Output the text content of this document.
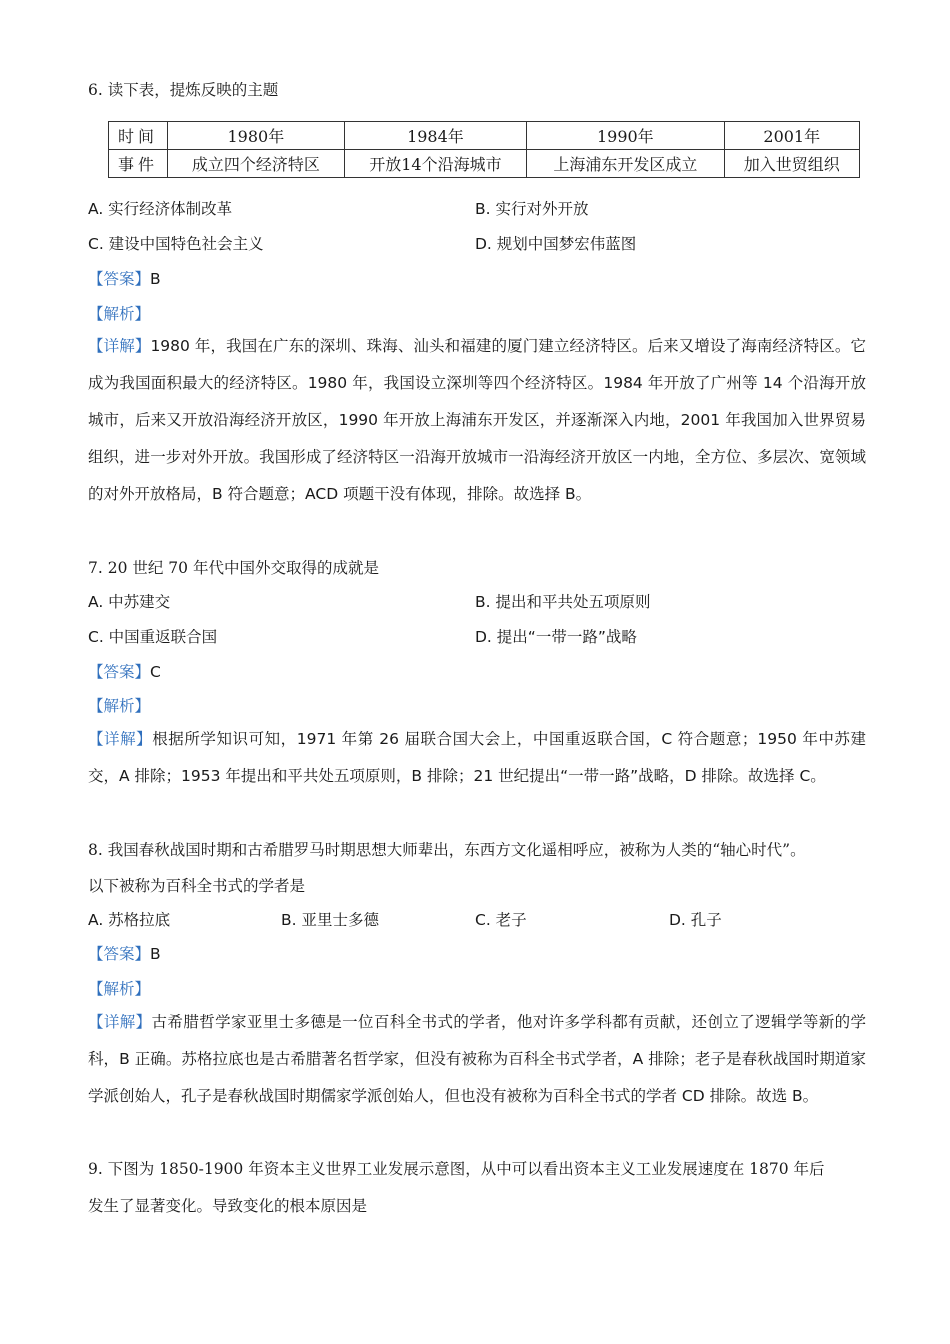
6. 读下表，提炼反映的主题
时间	1980年	1984年	1990年	2001年
事件	成立四个经济特区	开放14个沿海城市	上海浦东开发区成立	加入世贸组织
A. 实行经济体制改革	B. 实行对外开放
C. 建设中国特色社会主义	D. 规划中国梦宏伟蓝图
【答案】B
【解析】
【详解】1980 年，我国在广东的深圳、珠海、汕头和福建的厦门建立经济特区。后来又增设了海南经济特区。它成为我国面积最大的经济特区。1980 年，我国设立深圳等四个经济特区。1984 年开放了广州等 14 个沿海开放城市，后来又开放沿海经济开放区，1990 年开放上海浦东开发区，并逐渐深入内地，2001 年我国加入世界贸易组织，进一步对外开放。我国形成了经济特区一沿海开放城市一沿海经济开放区一内地，全方位、多层次、宽领域的对外开放格局，B 符合题意；ACD 项题干没有体现，排除。故选择 B。
7. 20 世纪 70 年代中国外交取得的成就是
A. 中苏建交	B. 提出和平共处五项原则
C. 中国重返联合国	D. 提出“一带一路”战略
【答案】C
【解析】
【详解】根据所学知识可知，1971 年第 26 届联合国大会上，中国重返联合国，C 符合题意；1950 年中苏建交，A 排除；1953 年提出和平共处五项原则，B 排除；21 世纪提出“一带一路”战略，D 排除。故选择 C。
8. 我国春秋战国时期和古希腊罗马时期思想大师辈出，东西方文化遥相呼应，被称为人类的“轴心时代”。
以下被称为百科全书式的学者是
A. 苏格拉底	B. 亚里士多德	C. 老子	D. 孔子
【答案】B
【解析】
【详解】古希腊哲学家亚里士多德是一位百科全书式的学者，他对许多学科都有贡献，还创立了逻辑学等新的学科，B 正确。苏格拉底也是古希腊著名哲学家，但没有被称为百科全书式学者，A 排除；老子是春秋战国时期道家学派创始人，孔子是春秋战国时期儒家学派创始人，但也没有被称为百科全书式的学者 CD 排除。故选 B。
9. 下图为 1850-1900 年资本主义世界工业发展示意图，从中可以看出资本主义工业发展速度在 1870 年后
发生了显著变化。导致变化的根本原因是
